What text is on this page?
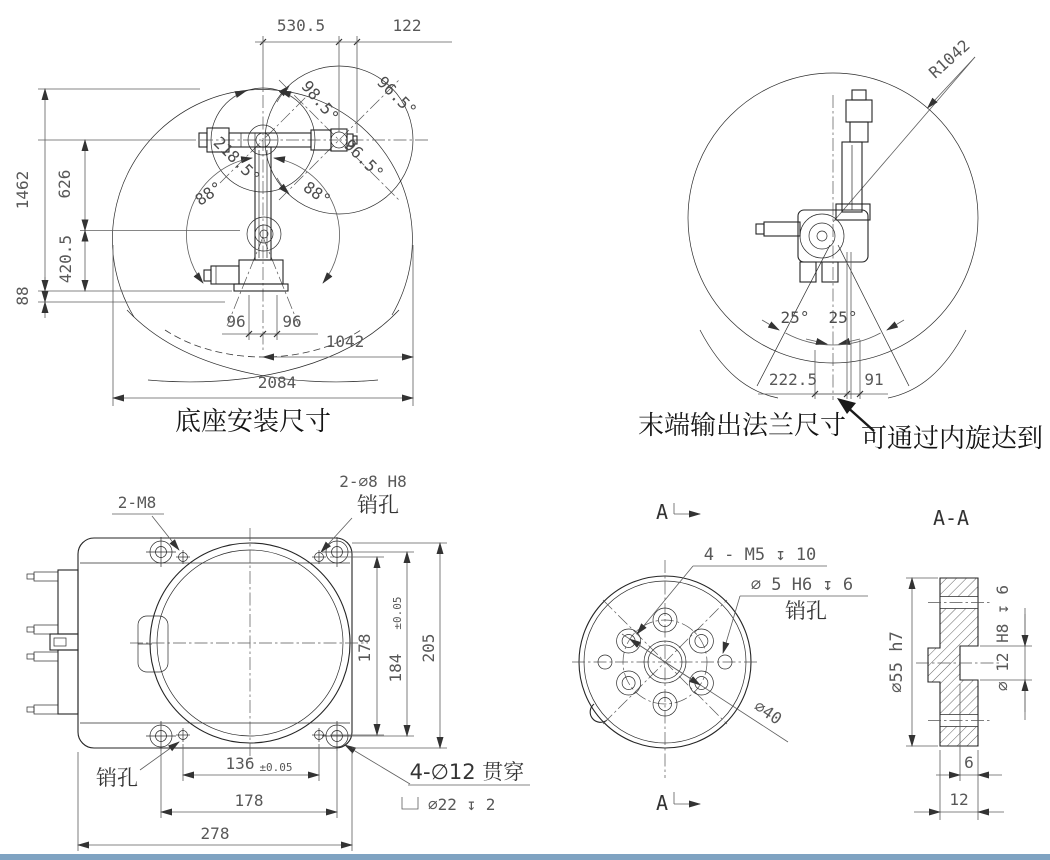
530.5	122
1462 626
420.5
88
98.5° 96.5°
96.5°
218.5°
88°	88°
96 96
1042
2084
底座安装尺寸
R1042
25° 25°
222.5	91
末端输出法兰尺寸 可通过内旋达到
2-M8
2-∅8 H8
销孔
销孔	4-∅12 贯穿
∅22 ↧ 2
178
184
±0.05
205
136 ±0.05
178
278
A
4 - M5 ↧ 10
∅ 5 H6 ↧ 6
销孔
∅40
A
A-A
∅55 h7	∅ 12 H8 ↧ 6
6
12
